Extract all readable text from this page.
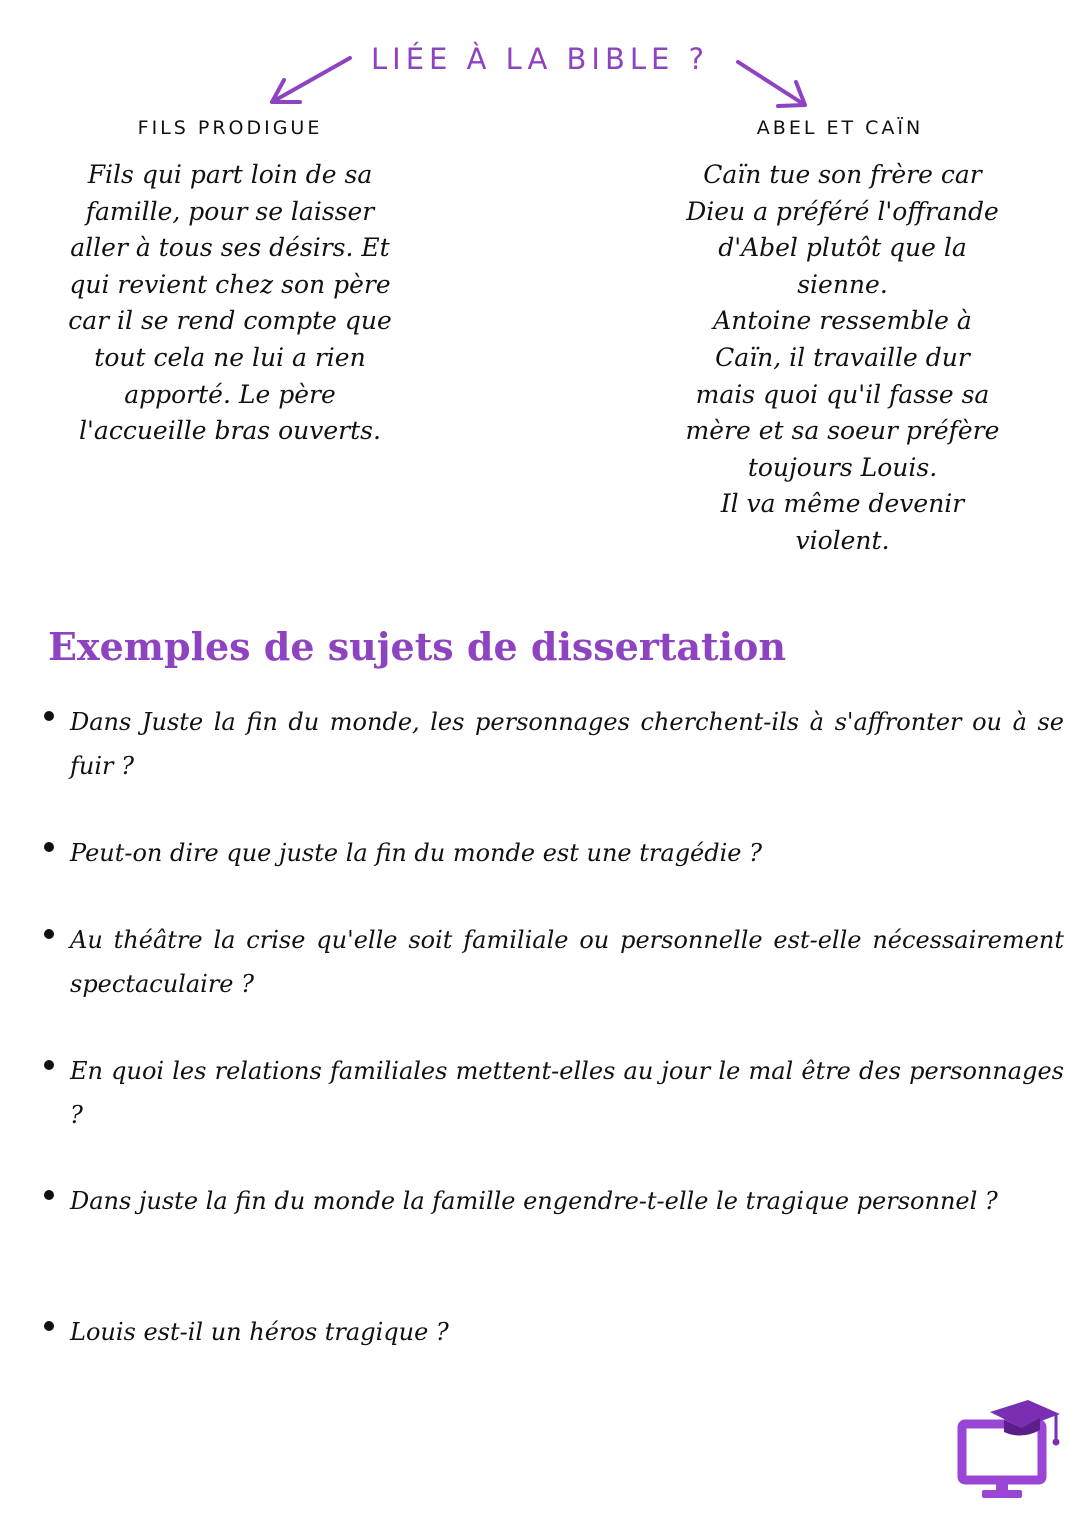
LIÉE À LA BIBLE ?
FILS PRODIGUE	ABEL ET CAÏN
Fils qui part loin de sa
famille, pour se laisser
aller à tous ses désirs. Et
qui revient chez son père
car il se rend compte que
tout cela ne lui a rien
apporté. Le père
l'accueille bras ouverts.
Caïn tue son frère car
Dieu a préféré l'offrande
d'Abel plutôt que la
sienne.
Antoine ressemble à
Caïn, il travaille dur
mais quoi qu'il fasse sa
mère et sa soeur préfère
toujours Louis.
Il va même devenir
violent.
Exemples de sujets de dissertation
Dans Juste la fin du monde, les personnages cherchent-ils à s'affronter ou à se fuir ?
Peut-on dire que juste la fin du monde est une tragédie ?
Au théâtre la crise qu'elle soit familiale ou personnelle est-elle nécessairement spectaculaire ?
En quoi les relations familiales mettent-elles au jour le mal être des personnages ?
Dans juste la fin du monde la famille engendre-t-elle le tragique personnel ?
Louis est-il un héros tragique ?
